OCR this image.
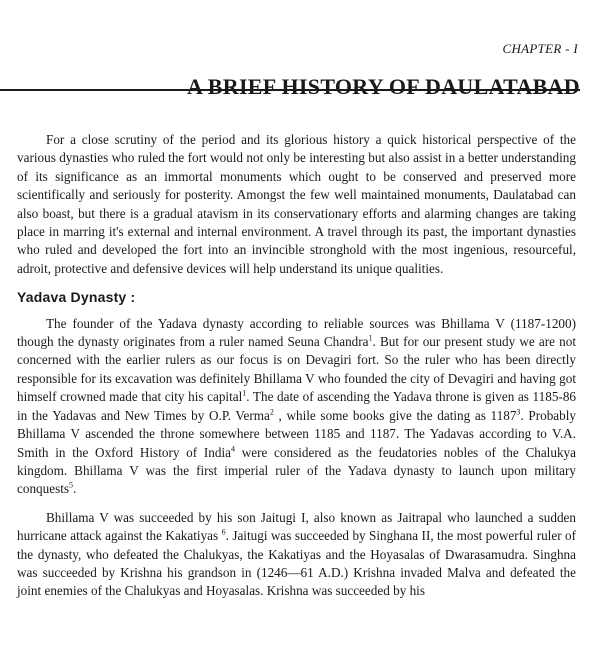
CHAPTER - I
A BRIEF HISTORY OF DAULATABAD

For a close scrutiny of the period and its glorious history a quick historical perspective of the various dynasties who ruled the fort would not only be interesting but also assist in a better understanding of its significance as an immortal monuments which ought to be conserved and preserved more scientifically and seriously for posterity. Amongst the few well maintained monuments, Daulatabad can also boast, but there is a gradual atavism in its conservationary efforts and alarming changes are taking place in marring it's external and internal environment. A travel through its past, the important dynasties who ruled and developed the fort into an invincible stronghold with the most ingenious, resourceful, adroit, protective and defensive devices will help understand its unique qualities.

Yadava Dynasty :

The founder of the Yadava dynasty according to reliable sources was Bhillama V (1187-1200) though the dynasty originates from a ruler named Seuna Chandra$^1$. But for our present study we are not concerned with the earlier rulers as our focus is on Devagiri fort. So the ruler who has been directly responsible for its excavation was definitely Bhillama V who founded the city of Devagiri and having got himself crowned made that city his capital$^1$. The date of ascending the Yadava throne is given as 1185-86 in the Yadavas and New Times by O.P. Verma$^2$ , while some books give the dating as 1187$^3$. Probably Bhillama V ascended the throne somewhere between 1185 and 1187. The Yadavas according to V.A. Smith in the Oxford History of India$^4$ were considered as the feudatories nobles of the Chalukya kingdom. Bhillama V was the first imperial ruler of the Yadava dynasty to launch upon military conquests$^5$.

Bhillama V was succeeded by his son Jaitugi I, also known as Jaitrapal who launched a sudden hurricane attack against the Kakatiyas $^6$. Jaitugi was succeeded by Singhana II, the most powerful ruler of the dynasty, who defeated the Chalukyas, the Kakatiyas and the Hoyasalas of Dwarasamudra. Singhna was succeeded by Krishna his grandson in (1246—61 A.D.) Krishna invaded Malva and defeated the joint enemies of the Chalukyas and Hoyasalas. Krishna was succeeded by his
